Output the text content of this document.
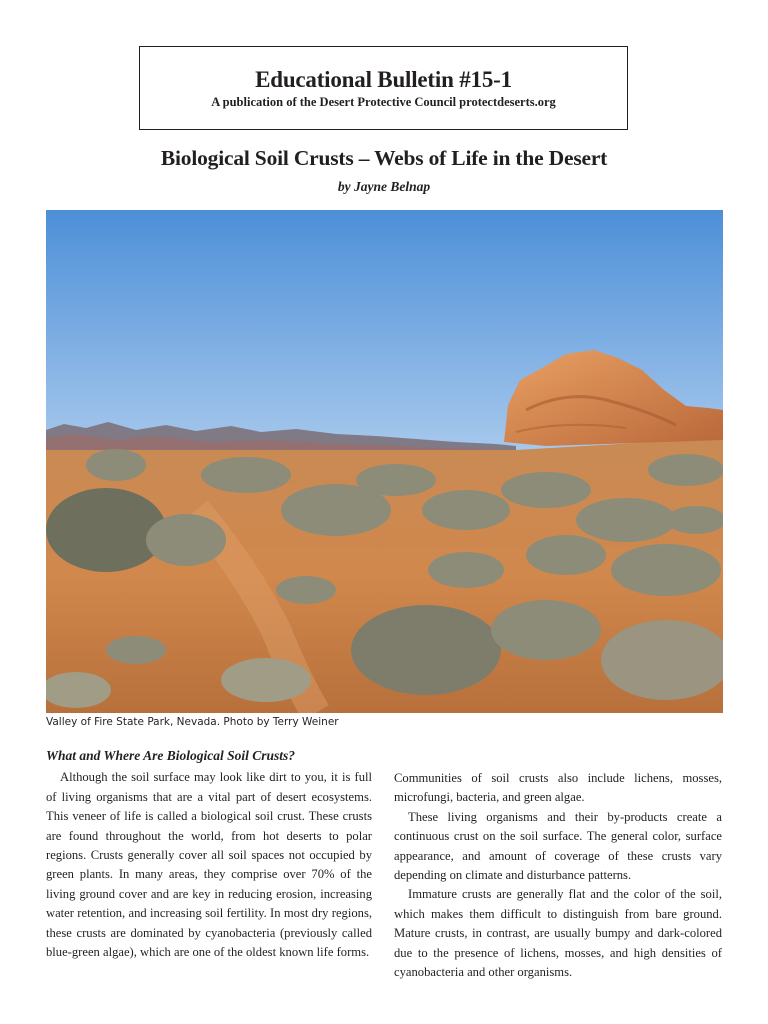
Educational Bulletin #15-1
A publication of the Desert Protective Council protectdeserts.org
Biological Soil Crusts – Webs of Life in the Desert
by Jayne Belnap
Valley of Fire State Park, Nevada. Photo by Terry Weiner
What and Where Are Biological Soil Crusts?

Although the soil surface may look like dirt to you, it is full of living organisms that are a vital part of desert ecosystems. This veneer of life is called a biological soil crust. These crusts are found throughout the world, from hot deserts to polar regions. Crusts generally cover all soil spaces not occupied by green plants. In many areas, they comprise over 70% of the living ground cover and are key in reducing erosion, increasing water retention, and increasing soil fertility. In most dry regions, these crusts are dominated by cyanobacteria (previously called blue-green algae), which are one of the oldest known life forms.

Communities of soil crusts also include lichens, mosses, microfungi, bacteria, and green algae.

These living organisms and their by-products create a continuous crust on the soil surface. The general color, surface appearance, and amount of coverage of these crusts vary depending on climate and disturbance patterns.

Immature crusts are generally flat and the color of the soil, which makes them difficult to distinguish from bare ground. Mature crusts, in contrast, are usually bumpy and dark-colored due to the presence of lichens, mosses, and high densities of cyanobacteria and other organisms.
